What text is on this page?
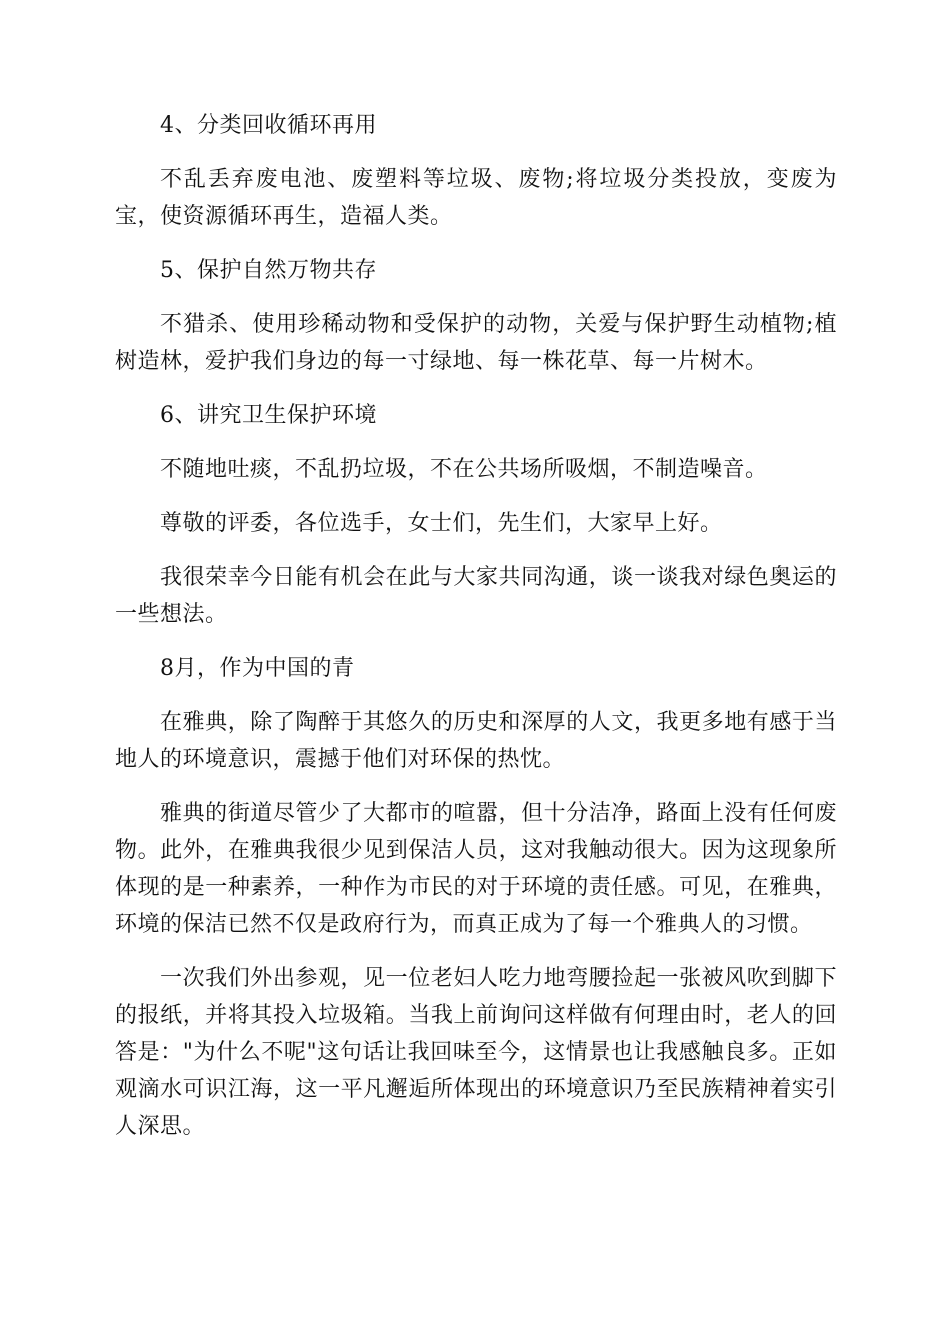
4、分类回收循环再用

不乱丢弃废电池、废塑料等垃圾、废物;将垃圾分类投放，变废为宝，使资源循环再生，造福人类。

5、保护自然万物共存

不猎杀、使用珍稀动物和受保护的动物，关爱与保护野生动植物;植树造林，爱护我们身边的每一寸绿地、每一株花草、每一片树木。

6、讲究卫生保护环境

不随地吐痰，不乱扔垃圾，不在公共场所吸烟，不制造噪音。

尊敬的评委，各位选手，女士们，先生们，大家早上好。

我很荣幸今日能有机会在此与大家共同沟通，谈一谈我对绿色奥运的一些想法。

8月，作为中国的青

在雅典，除了陶醉于其悠久的历史和深厚的人文，我更多地有感于当地人的环境意识，震撼于他们对环保的热忱。

雅典的街道尽管少了大都市的喧嚣，但十分洁净，路面上没有任何废物。此外，在雅典我很少见到保洁人员，这对我触动很大。因为这现象所体现的是一种素养，一种作为市民的对于环境的责任感。可见，在雅典，环境的保洁已然不仅是政府行为，而真正成为了每一个雅典人的习惯。

一次我们外出参观，见一位老妇人吃力地弯腰捡起一张被风吹到脚下的报纸，并将其投入垃圾箱。当我上前询问这样做有何理由时，老人的回答是："为什么不呢"这句话让我回味至今，这情景也让我感触良多。正如观滴水可识江海，这一平凡邂逅所体现出的环境意识乃至民族精神着实引人深思。
